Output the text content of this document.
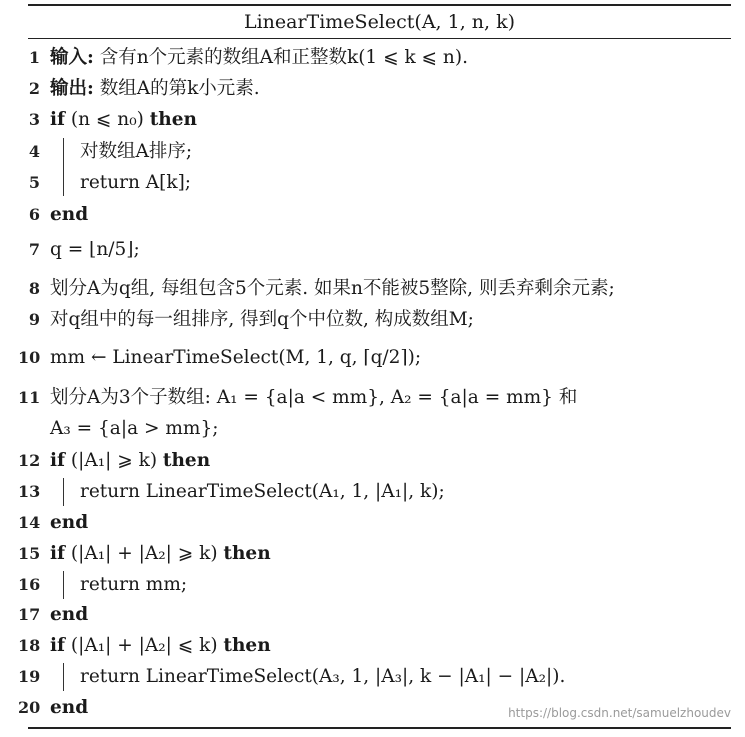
LinearTimeSelect(A, 1, n, k)
1 输入: 含有n个元素的数组A和正整数k(1 ⩽ k ⩽ n).
2 输出: 数组A的第k小元素.
3 if (n ⩽ n₀) then
4 对数组A排序;
5 return A[k];
6 end
7 q = ⌊n/5⌋;
8 划分A为q组, 每组包含5个元素. 如果n不能被5整除, 则丢弃剩余元素;
9 对q组中的每一组排序, 得到q个中位数, 构成数组M;
10 mm ← LinearTimeSelect(M, 1, q, ⌈q/2⌉);
11 划分A为3个子数组: A₁ = {a|a < mm}, A₂ = {a|a = mm} 和
A₃ = {a|a > mm};
12 if (|A₁| ⩾ k) then
13 return LinearTimeSelect(A₁, 1, |A₁|, k);
14 end
15 if (|A₁| + |A₂| ⩾ k) then
16 return mm;
17 end
18 if (|A₁| + |A₂| ⩽ k) then
19 return LinearTimeSelect(A₃, 1, |A₃|, k − |A₁| − |A₂|).
20 end	https://blog.csdn.net/samuelzhoudev
